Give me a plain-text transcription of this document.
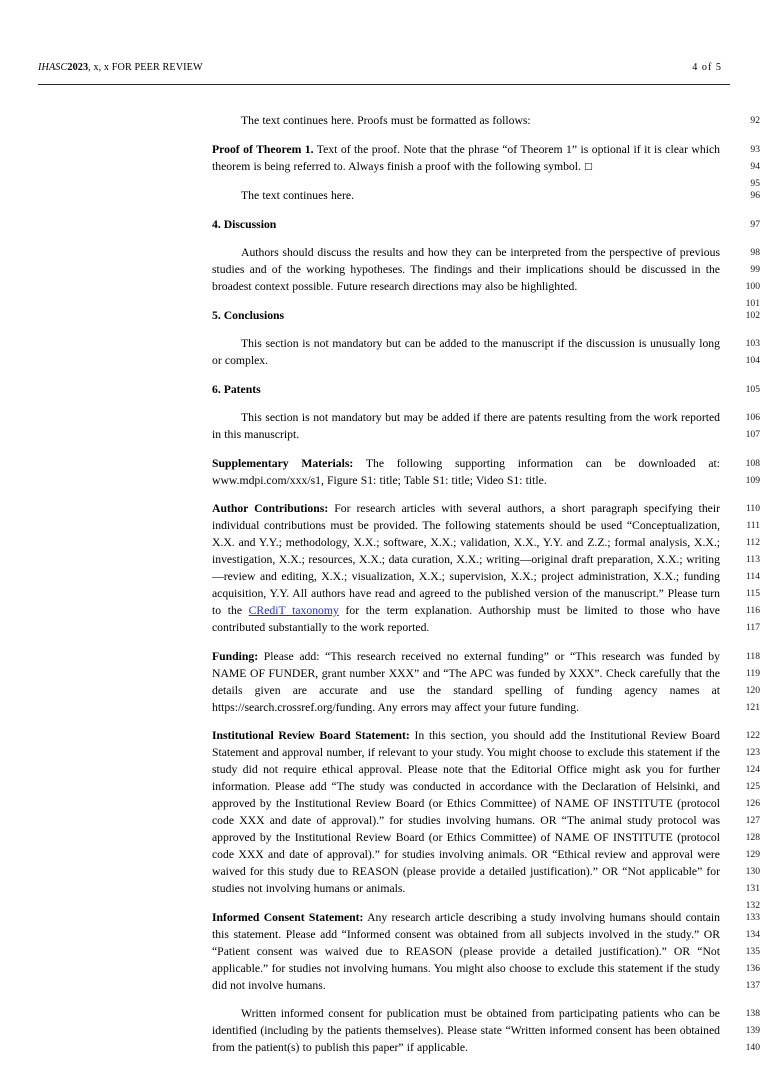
IHASC2023, x, x FOR PEER REVIEW	4 of 5
The text continues here. Proofs must be formatted as follows:
Proof of Theorem 1. Text of the proof. Note that the phrase “of Theorem 1” is optional if it is clear which theorem is being referred to. Always finish a proof with the following symbol. □
The text continues here.
4. Discussion
Authors should discuss the results and how they can be interpreted from the perspective of previous studies and of the working hypotheses. The findings and their implications should be discussed in the broadest context possible. Future research directions may also be highlighted.
5. Conclusions
This section is not mandatory but can be added to the manuscript if the discussion is unusually long or complex.
6. Patents
This section is not mandatory but may be added if there are patents resulting from the work reported in this manuscript.
Supplementary Materials: The following supporting information can be downloaded at: www.mdpi.com/xxx/s1, Figure S1: title; Table S1: title; Video S1: title.
Author Contributions: For research articles with several authors, a short paragraph specifying their individual contributions must be provided. The following statements should be used “Conceptualization, X.X. and Y.Y.; methodology, X.X.; software, X.X.; validation, X.X., Y.Y. and Z.Z.; formal analysis, X.X.; investigation, X.X.; resources, X.X.; data curation, X.X.; writing—original draft preparation, X.X.; writing—review and editing, X.X.; visualization, X.X.; supervision, X.X.; project administration, X.X.; funding acquisition, Y.Y. All authors have read and agreed to the published version of the manuscript.” Please turn to the CRediT taxonomy for the term explanation. Authorship must be limited to those who have contributed substantially to the work reported.
Funding: Please add: “This research received no external funding” or “This research was funded by NAME OF FUNDER, grant number XXX” and “The APC was funded by XXX”. Check carefully that the details given are accurate and use the standard spelling of funding agency names at https://search.crossref.org/funding. Any errors may affect your future funding.
Institutional Review Board Statement: In this section, you should add the Institutional Review Board Statement and approval number, if relevant to your study. You might choose to exclude this statement if the study did not require ethical approval. Please note that the Editorial Office might ask you for further information. Please add “The study was conducted in accordance with the Declaration of Helsinki, and approved by the Institutional Review Board (or Ethics Committee) of NAME OF INSTITUTE (protocol code XXX and date of approval).” for studies involving humans. OR “The animal study protocol was approved by the Institutional Review Board (or Ethics Committee) of NAME OF INSTITUTE (protocol code XXX and date of approval).” for studies involving animals. OR “Ethical review and approval were waived for this study due to REASON (please provide a detailed justification).” OR “Not applicable” for studies not involving humans or animals.
Informed Consent Statement: Any research article describing a study involving humans should contain this statement. Please add “Informed consent was obtained from all subjects involved in the study.” OR “Patient consent was waived due to REASON (please provide a detailed justification).” OR “Not applicable.” for studies not involving humans. You might also choose to exclude this statement if the study did not involve humans.
Written informed consent for publication must be obtained from participating patients who can be identified (including by the patients themselves). Please state “Written informed consent has been obtained from the patient(s) to publish this paper” if applicable.
92
93
94
95
96
97
98
99
100
101
102
103
104
105
106
107
108
109
110
111
112
113
114
115
116
117
118
119
120
121
122
123
124
125
126
127
128
129
130
131
132
133
134
135
136
137
138
139
140
